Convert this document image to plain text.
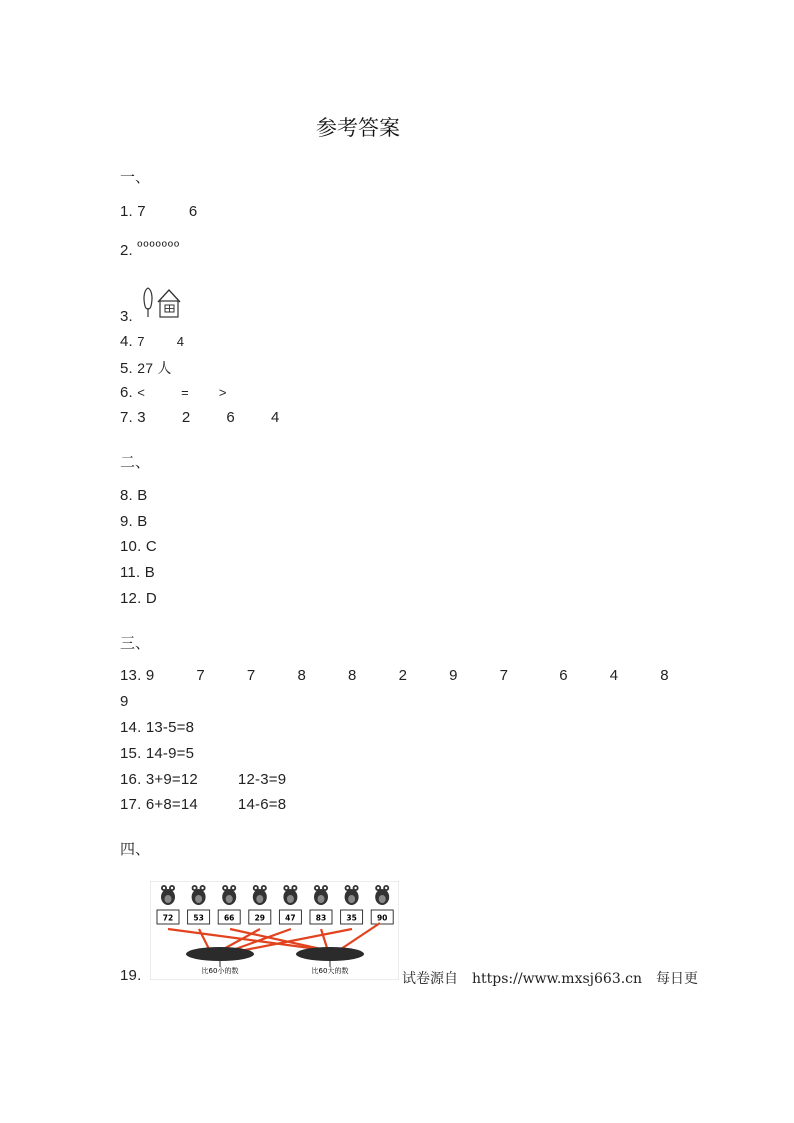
参考答案
一、
1. 7	6
2. ººººººº
3.
4. 7 4
5. 27 人
6. <	= >
7. 3 2 6 4
二、
8. B
9. B
10. C
11. B
12. D
三、
13. 9	7	7	8	8	2	9	7	6	4	8
9
14. 13-5=8
15. 14-9=5
16. 3+9=12	12-3=9
17. 6+8=14	14-6=8
四、
72	53	66	29	47	83	35	90
比60小的数	比60大的数
19.	试卷源自 https://www.mxsj663.cn 每日更
